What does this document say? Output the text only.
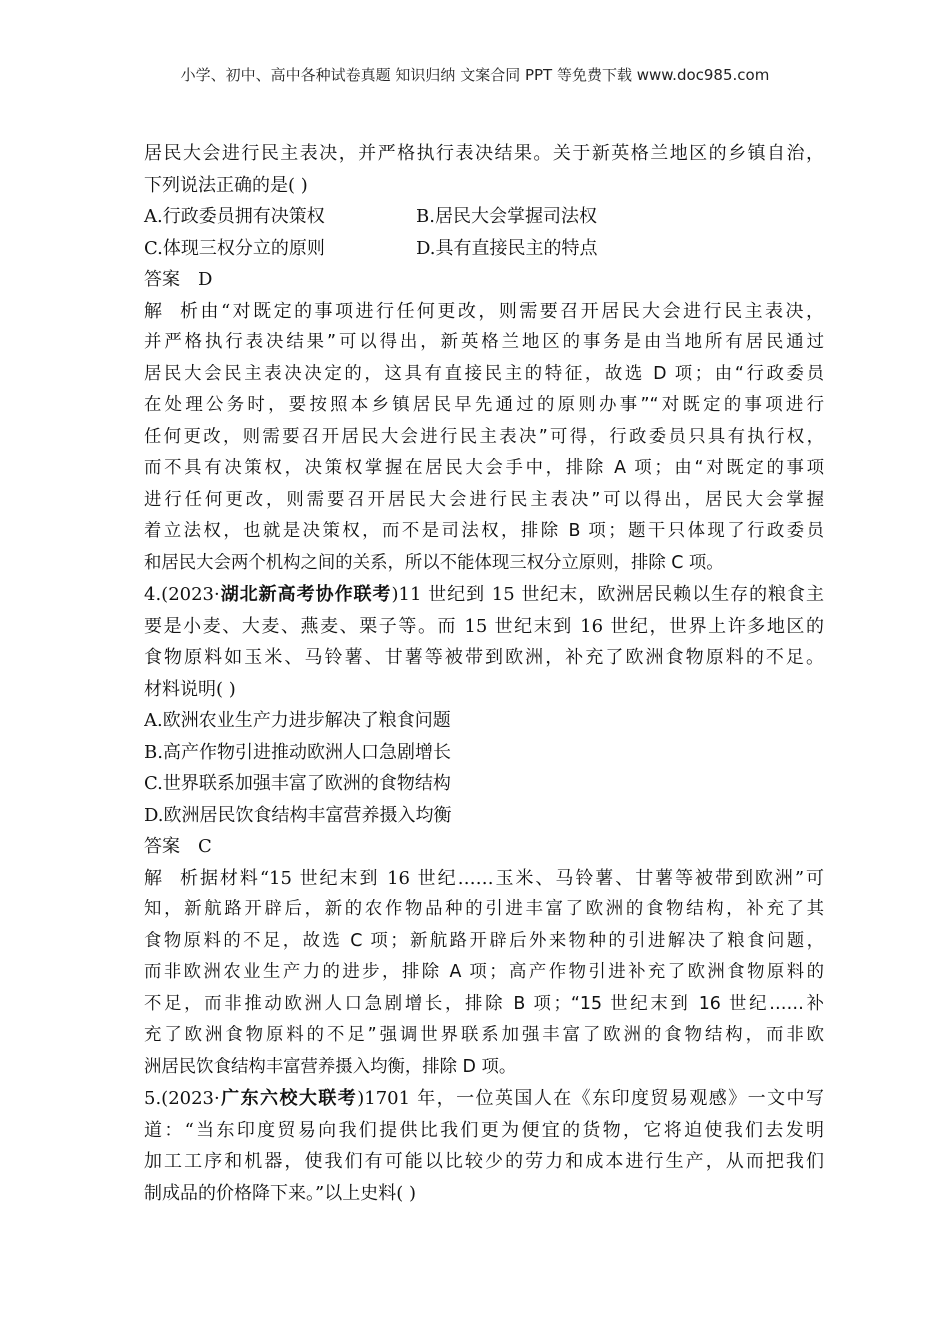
小学、初中、高中各种试卷真题 知识归纳 文案合同 PPT 等免费下载 www.doc985.com
居民大会进行民主表决，并严格执行表决结果。关于新英格兰地区的乡镇自治，
下列说法正确的是( )
A.行政委员拥有决策权	B.居民大会掌握司法权
C.体现三权分立的原则	D.具有直接民主的特点
答案 D
解析由“对既定的事项进行任何更改，则需要召开居民大会进行民主表决，
并严格执行表决结果”可以得出，新英格兰地区的事务是由当地所有居民通过
居民大会民主表决决定的，这具有直接民主的特征，故选 D 项；由“行政委员
在处理公务时，要按照本乡镇居民早先通过的原则办事”“对既定的事项进行
任何更改，则需要召开居民大会进行民主表决”可得，行政委员只具有执行权，
而不具有决策权，决策权掌握在居民大会手中，排除 A 项；由“对既定的事项
进行任何更改，则需要召开居民大会进行民主表决”可以得出，居民大会掌握
着立法权，也就是决策权，而不是司法权，排除 B 项；题干只体现了行政委员
和居民大会两个机构之间的关系，所以不能体现三权分立原则，排除 C 项。
4.(2023·湖北新高考协作联考)11 世纪到 15 世纪末，欧洲居民赖以生存的粮食主
要是小麦、大麦、燕麦、栗子等。而 15 世纪末到 16 世纪，世界上许多地区的
食物原料如玉米、马铃薯、甘薯等被带到欧洲，补充了欧洲食物原料的不足。
材料说明( )
A.欧洲农业生产力进步解决了粮食问题
B.高产作物引进推动欧洲人口急剧增长
C.世界联系加强丰富了欧洲的食物结构
D.欧洲居民饮食结构丰富营养摄入均衡
答案 C
解析据材料“15 世纪末到 16 世纪……玉米、马铃薯、甘薯等被带到欧洲”可
知，新航路开辟后，新的农作物品种的引进丰富了欧洲的食物结构，补充了其
食物原料的不足，故选 C 项；新航路开辟后外来物种的引进解决了粮食问题，
而非欧洲农业生产力的进步，排除 A 项；高产作物引进补充了欧洲食物原料的
不足，而非推动欧洲人口急剧增长，排除 B 项；“15 世纪末到 16 世纪……补
充了欧洲食物原料的不足”强调世界联系加强丰富了欧洲的食物结构，而非欧
洲居民饮食结构丰富营养摄入均衡，排除 D 项。
5.(2023·广东六校大联考)1701 年，一位英国人在《东印度贸易观感》一文中写
道：“当东印度贸易向我们提供比我们更为便宜的货物，它将迫使我们去发明
加工工序和机器，使我们有可能以比较少的劳力和成本进行生产，从而把我们
制成品的价格降下来。”以上史料( )
